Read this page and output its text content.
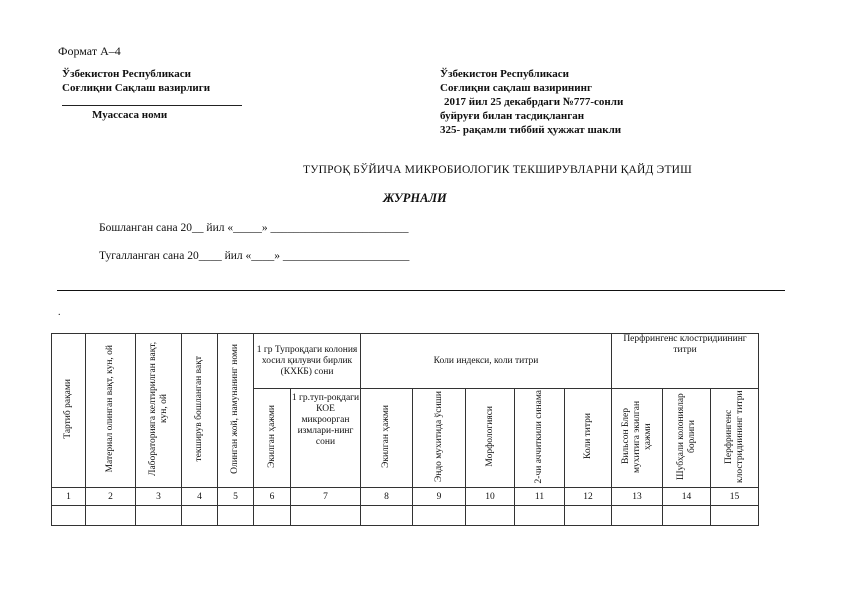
Формат А–4
Ўзбекистон Республикаси
Соғлиқни Сақлаш вазирлиги
Муассаса номи
Ўзбекистон Республикаси
Соғлиқни сақлаш вазирининг
2017 йил 25 декабрдаги №777-сонли
буйруғи билан тасдиқланган
325- рақамли тиббий ҳужжат шакли
ТУПРОҚ БЎЙИЧА МИКРОБИОЛОГИК ТЕКШИРУВЛАРНИ ҚАЙД ЭТИШ
ЖУРНАЛИ
Бошланган сана 20__ йил «_____» ________________________
Тугалланган сана 20____ йил «____» ______________________
.
Тартиб рақами	Материал олинган вақт, кун, ой	Лабораторияга келтирилган вақт, кун, ой	текширув бошланган вақт	Олинган жой, намунанинг номи	1 гр Тупроқдаги колония хосил қилувчи бирлик (КХКБ) сони		Коли индекси, коли титри					Перфрингенс клостридиининг титри		
					Экилган ҳажми	1 гр.туп-роқдаги КОЕ микроорган измлари-нинг сони	Экилган ҳажми	Эндо мухитида ўсиши	Морфологияси	2-чи аччиткили синама	Коли титри	Вильсон Блер мухитига экилган ҳажми	Шубҳали колониялар борлиги	Перфрингенс клостридиининг титри
1	2	3	4	5	6	7	8	9	10	11	12	13	14	15
